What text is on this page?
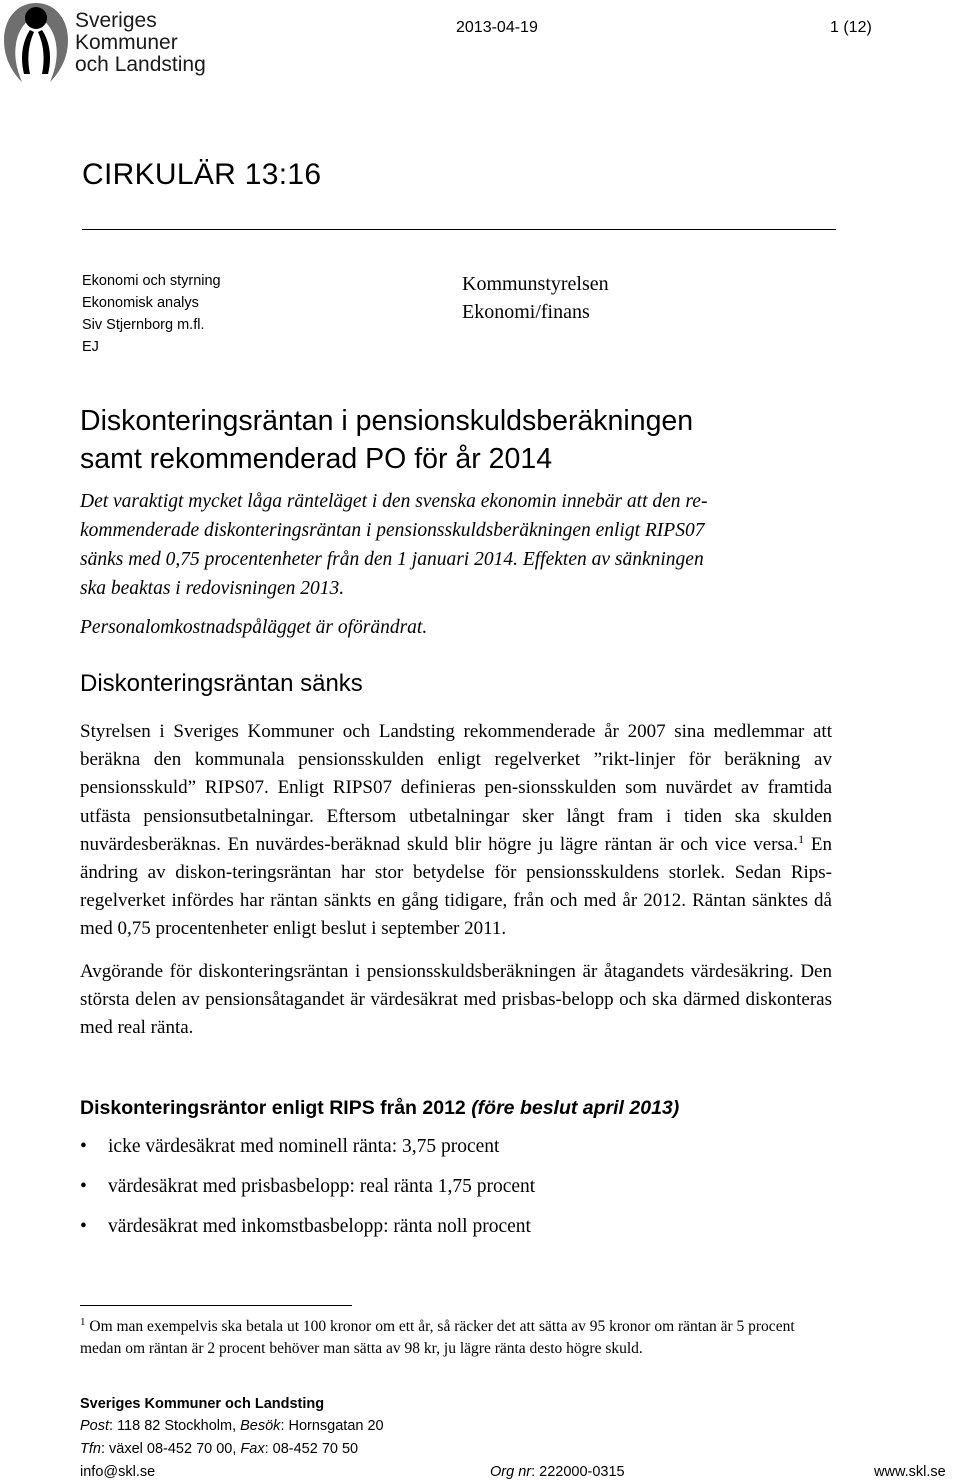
Sveriges
Kommuner
och Landsting
2013-04-19	1 (12)
CIRKULÄR 13:16
Ekonomi och styrning
Ekonomisk analys
Siv Stjernborg m.fl.
EJ
Kommunstyrelsen
Ekonomi/finans
Diskonteringsräntan i pensionskuldsberäkningen
samt rekommenderad PO för år 2014

Det varaktigt mycket låga ränteläget i den svenska ekonomin innebär att den re-

kommenderade diskonteringsräntan i pensionsskuldsberäkningen enligt RIPS07

sänks med 0,75 procentenheter från den 1 januari 2014. Effekten av sänkningen

ska beaktas i redovisningen 2013.

Personalomkostnadspålägget är oförändrat.
Diskonteringsräntan sänks

Styrelsen i Sveriges Kommuner och Landsting rekommenderade år 2007 sina medlemmar att beräkna den kommunala pensionsskulden enligt regelverket ”rikt-linjer för beräkning av pensionsskuld” RIPS07. Enligt RIPS07 definieras pen-sionsskulden som nuvärdet av framtida utfästa pensionsutbetalningar. Eftersom utbetalningar sker långt fram i tiden ska skulden nuvärdesberäknas. En nuvärdes-beräknad skuld blir högre ju lägre räntan är och vice versa.$^1$ En ändring av diskon-teringsräntan har stor betydelse för pensionsskuldens storlek. Sedan Rips-regelverket infördes har räntan sänkts en gång tidigare, från och med år 2012. Räntan sänktes då med 0,75 procentenheter enligt beslut i september 2011.

Avgörande för diskonteringsräntan i pensionsskuldsberäkningen är åtagandets värdesäkring. Den största delen av pensionsåtagandet är värdesäkrat med prisbas-belopp och ska därmed diskonteras med real ränta.

Diskonteringsräntor enligt RIPS från 2012 (före beslut april 2013)
• icke värdesäkrat med nominell ränta: 3,75 procent
• värdesäkrat med prisbasbelopp: real ränta 1,75 procent
• värdesäkrat med inkomstbasbelopp: ränta noll procent
$^1$ Om man exempelvis ska betala ut 100 kronor om ett år, så räcker det att sätta av 95 kronor om räntan är 5 procent medan om räntan är 2 procent behöver man sätta av 98 kr, ju lägre ränta desto högre skuld.
Sveriges Kommuner och Landsting
Post: 118 82 Stockholm, Besök: Hornsgatan 20
Tfn: växel 08-452 70 00, Fax: 08-452 70 50
info@skl.se	Org nr: 222000-0315	www.skl.se
